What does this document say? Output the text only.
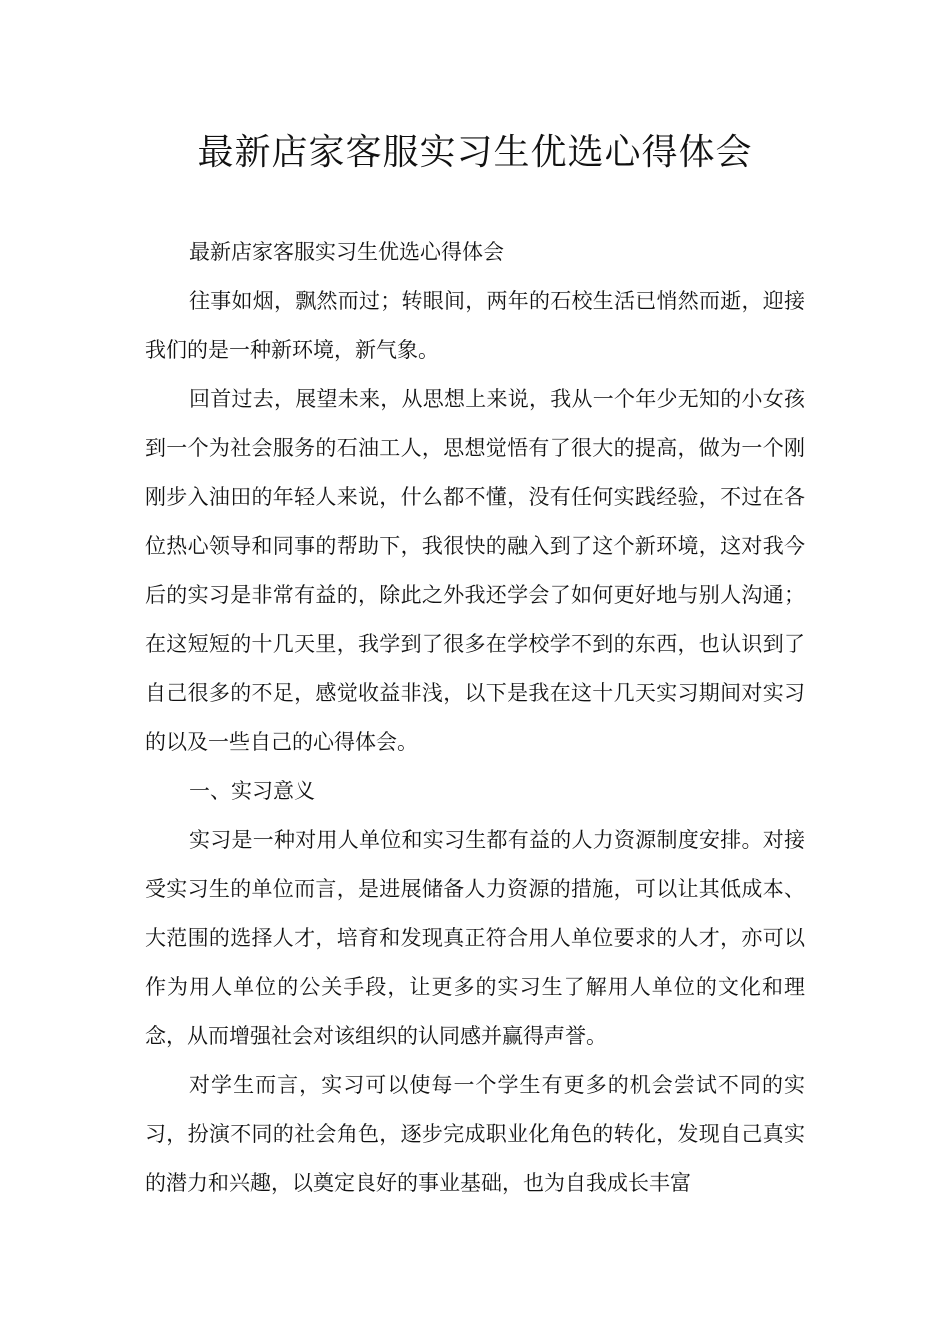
最新店家客服实习生优选心得体会

最新店家客服实习生优选心得体会

往事如烟，飘然而过；转眼间，两年的石校生活已悄然而逝，迎接我们的是一种新环境，新气象。

回首过去，展望未来，从思想上来说，我从一个年少无知的小女孩到一个为社会服务的石油工人，思想觉悟有了很大的提高，做为一个刚刚步入油田的年轻人来说，什么都不懂，没有任何实践经验，不过在各位热心领导和同事的帮助下，我很快的融入到了这个新环境，这对我今后的实习是非常有益的，除此之外我还学会了如何更好地与别人沟通；在这短短的十几天里，我学到了很多在学校学不到的东西，也认识到了自己很多的不足，感觉收益非浅，以下是我在这十几天实习期间对实习的以及一些自己的心得体会。

一、实习意义

实习是一种对用人单位和实习生都有益的人力资源制度安排。对接受实习生的单位而言，是进展储备人力资源的措施，可以让其低成本、大范围的选择人才，培育和发现真正符合用人单位要求的人才，亦可以作为用人单位的公关手段，让更多的实习生了解用人单位的文化和理念，从而增强社会对该组织的认同感并赢得声誉。

对学生而言，实习可以使每一个学生有更多的机会尝试不同的实习，扮演不同的社会角色，逐步完成职业化角色的转化，发现自己真实的潜力和兴趣，以奠定良好的事业基础，也为自我成长丰富
